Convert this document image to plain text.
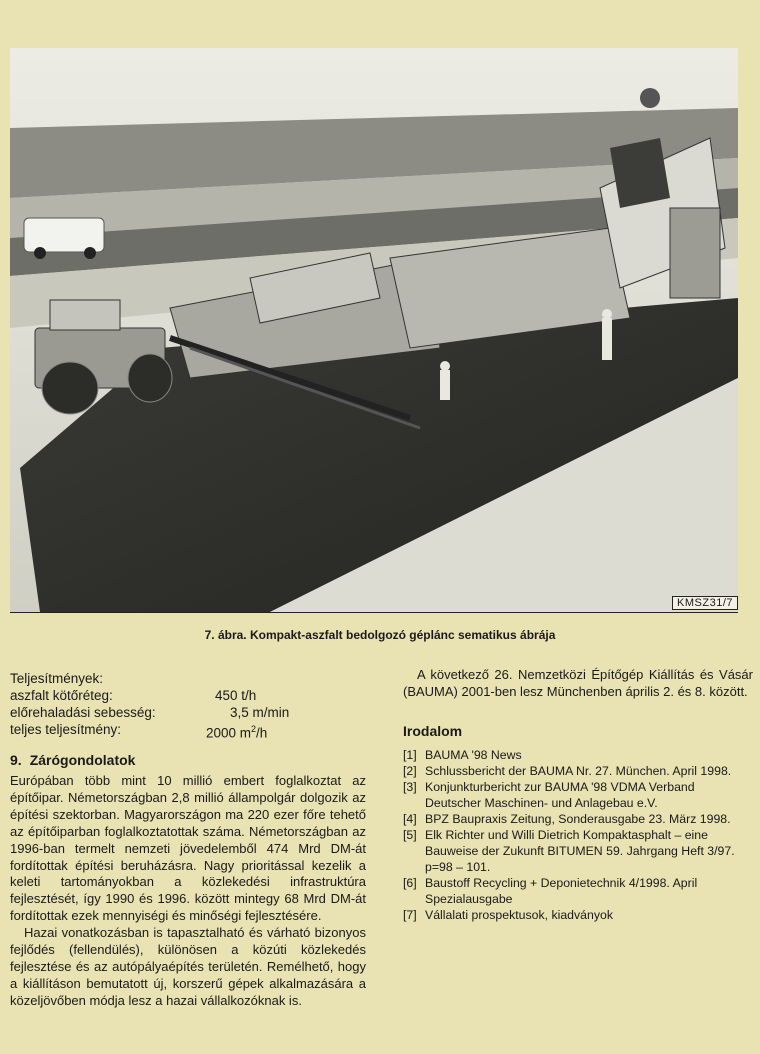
KMSZ31/7
7. ábra. Kompakt-aszfalt bedolgozó géplánc sematikus ábrája
Teljesítmények:
aszfalt kötőréteg:	450 t/h
előrehaladási sebesség:	3,5 m/min
teljes teljesítmény:	2000 $m^2/h$
9. Zárógondolatok

Európában több mint 10 millió embert foglalkoztat az építőipar. Németországban 2,8 millió állampolgár dolgozik az építési szektorban. Magyarországon ma 220 ezer főre tehető az építőiparban foglalkoztatottak száma. Németországban az 1996-ban termelt nemzeti jövedelemből 474 Mrd DM-át fordítottak építési beruházásra. Nagy prioritással kezelik a keleti tartományokban a közlekedési infrastruktúra fejlesztését, így 1990 és 1996. között mintegy 68 Mrd DM-át fordítottak ezek mennyiségi és minőségi fejlesztésére.

Hazai vonatkozásban is tapasztalható és várható bizonyos fejlődés (fellendülés), különösen a közúti közlekedés fejlesztése és az autópályaépítés területén. Remélhető, hogy a kiállításon bemutatott új, korszerű gépek alkalmazására a közeljövőben módja lesz a hazai vállalkozóknak is.

A következő 26. Nemzetközi Építőgép Kiállítás és Vásár (BAUMA) 2001-ben lesz Münchenben április 2. és 8. között.

Irodalom
[1] BAUMA '98 News
[2] Schlussbericht der BAUMA Nr. 27. München. April 1998.
[3] Konjunkturbericht zur BAUMA '98 VDMA Verband Deutscher Maschinen- und Anlagebau e.V.
[4] BPZ Baupraxis Zeitung, Sonderausgabe 23. März 1998.
[5] Elk Richter und Willi Dietrich Kompaktasphalt – eine Bauweise der Zukunft BITUMEN 59. Jahrgang Heft 3/97. p=98 – 101.
[6] Baustoff Recycling + Deponietechnik 4/1998. April Spezialausgabe
[7] Vállalati prospektusok, kiadványok
